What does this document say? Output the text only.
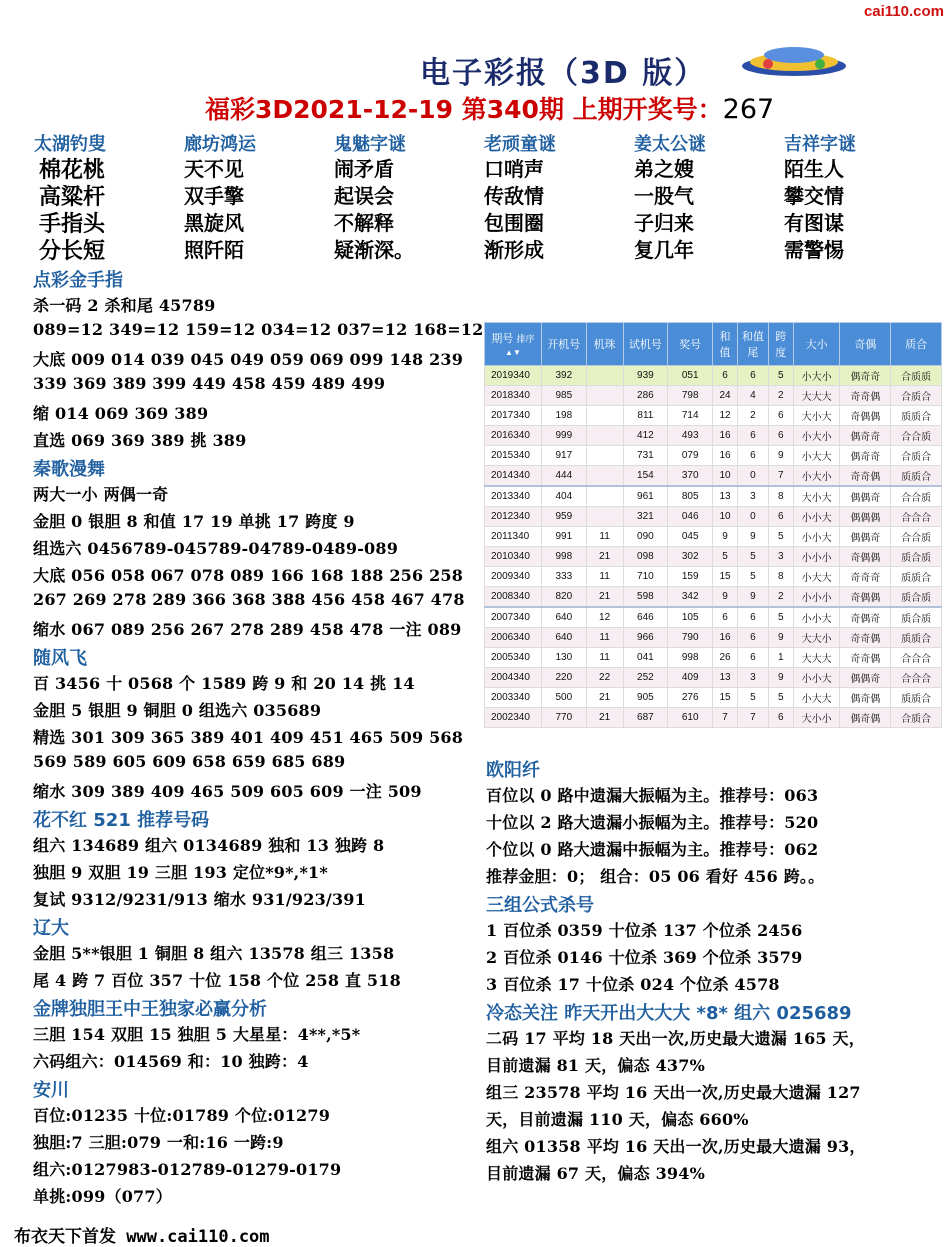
cai110.com
电子彩报（3D 版）
福彩3D2021-12-19 第340期 上期开奖号：267
太湖钓叟
棉花桃
高粱杆
手指头
分长短
廊坊鸿运
天不见
双手擎
黑旋风
照阡陌
鬼魅字谜
闹矛盾
起误会
不解释
疑渐深。
老顽童谜
口哨声
传敌情
包围圈
渐形成
姜太公谜
弟之嫂
一股气
子归来
复几年
吉祥字谜
陌生人
攀交情
有图谋
需警惕
点彩金手指
杀一码 2 杀和尾 45789
089=12 349=12 159=12 034=12 037=12 168=12
大底 009 014 039 045 049 059 069 099 148 239
339 369 389 399 449 458 459 489 499
缩 014 069 369 389
直选 069 369 389 挑 389
秦歌漫舞
两大一小 两偶一奇
金胆 0 银胆 8 和值 17 19 单挑 17 跨度 9
组选六 0456789-045789-04789-0489-089
大底 056 058 067 078 089 166 168 188 256 258
267 269 278 289 366 368 388 456 458 467 478
缩水 067 089 256 267 278 289 458 478 一注 089
随风飞
百 3456 十 0568 个 1589 跨 9 和 20 14 挑 14
金胆 5 银胆 9 铜胆 0 组选六 035689
精选 301 309 365 389 401 409 451 465 509 568
569 589 605 609 658 659 685 689
缩水 309 389 409 465 509 605 609 一注 509
花不红 521 推荐号码
组六 134689 组六 0134689 独和 13 独跨 8
独胆 9 双胆 19 三胆 193 定位*9*,*1*
复试 9312/9231/913 缩水 931/923/391
辽大
金胆 5**银胆 1 铜胆 8 组六 13578 组三 1358
尾 4 跨 7 百位 357 十位 158 个位 258 直 518
金牌独胆王中王独家必赢分析
三胆 154 双胆 15 独胆 5 大星星：4**,*5*
六码组六：014569 和：10 独跨：4
安川
百位:01235 十位:01789 个位:01279
独胆:7 三胆:079 一和:16 一跨:9
组六:0127983-012789-01279-0179
单挑:099（077）
期号 排序 ▲▼	开机号	机珠	试机号	奖号	和值	和值尾	跨度	大小	奇偶	质合
2019340	392		939	051	6	6	5	小大小	偶奇奇	合质质
2018340	985		286	798	24	4	2	大大大	奇奇偶	合质合
2017340	198		811	714	12	2	6	大小大	奇偶偶	质质合
2016340	999		412	493	16	6	6	小大小	偶奇奇	合合质
2015340	917		731	079	16	6	9	小大大	偶奇奇	合质合
2014340	444		154	370	10	0	7	小大小	奇奇偶	质质合
2013340	404		961	805	13	3	8	大小大	偶偶奇	合合质
2012340	959		321	046	10	0	6	小小大	偶偶偶	合合合
2011340	991	11	090	045	9	9	5	小小大	偶偶奇	合合质
2010340	998	21	098	302	5	5	3	小小小	奇偶偶	质合质
2009340	333	11	710	159	15	5	8	小大大	奇奇奇	质质合
2008340	820	21	598	342	9	9	2	小小小	奇偶偶	质合质
2007340	640	12	646	105	6	6	5	小小大	奇偶奇	质合质
2006340	640	11	966	790	16	6	9	大大小	奇奇偶	质质合
2005340	130	11	041	998	26	6	1	大大大	奇奇偶	合合合
2004340	220	22	252	409	13	3	9	小小大	偶偶奇	合合合
2003340	500	21	905	276	15	5	5	小大大	偶奇偶	质质合
2002340	770	21	687	610	7	7	6	大小小	偶奇偶	合质合
欧阳纤
百位以 0 路中遗漏大振幅为主。推荐号：063
十位以 2 路大遗漏小振幅为主。推荐号：520
个位以 0 路大遗漏中振幅为主。推荐号：062
推荐金胆：0； 组合：05 06 看好 456 跨。。
三组公式杀号
1 百位杀 0359 十位杀 137 个位杀 2456
2 百位杀 0146 十位杀 369 个位杀 3579
3 百位杀 17 十位杀 024 个位杀 4578
冷态关注 昨天开出大大大 *8* 组六 025689
二码 17 平均 18 天出一次,历史最大遗漏 165 天，
目前遗漏 81 天，偏态 437%
组三 23578 平均 16 天出一次,历史最大遗漏 127
天，目前遗漏 110 天，偏态 660%
组六 01358 平均 16 天出一次,历史最大遗漏 93，
目前遗漏 67 天，偏态 394%
布衣天下首发 www.cai110.com
